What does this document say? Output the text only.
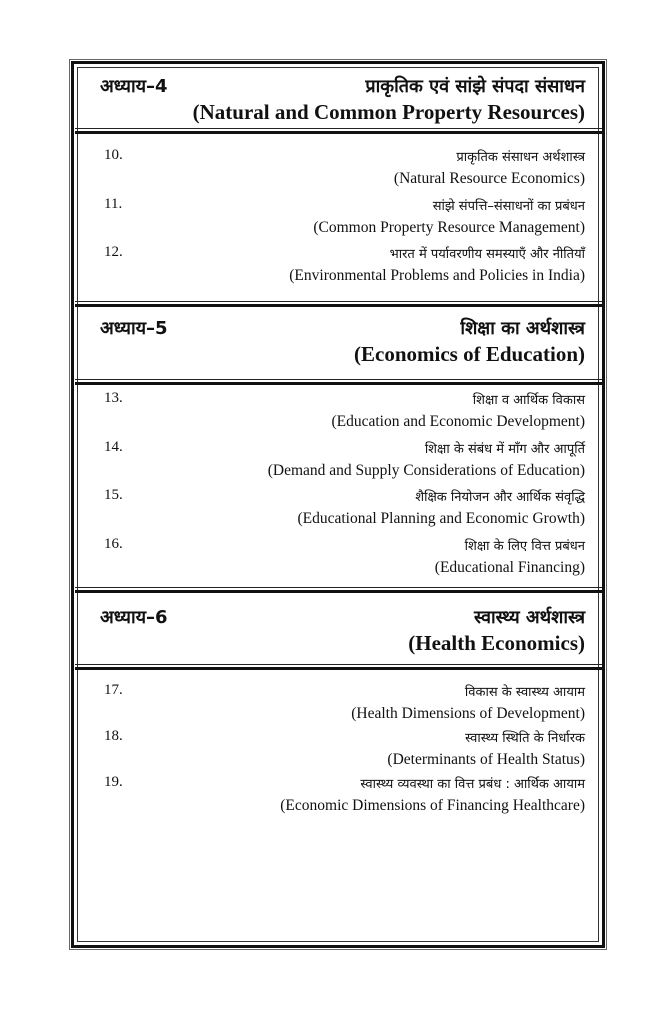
अध्याय–4	प्राकृतिक एवं सांझे संपदा संसाधन
(Natural and Common Property Resources)
10.	प्राकृतिक संसाधन अर्थशास्त्र
(Natural Resource Economics)
11.	सांझे संपत्ति–संसाधनों का प्रबंधन
(Common Property Resource Management)
12.	भारत में पर्यावरणीय समस्याएँ और नीतियाँ
(Environmental Problems and Policies in India)
अध्याय–5	शिक्षा का अर्थशास्त्र
(Economics of Education)
13.	शिक्षा व आर्थिक विकास
(Education and Economic Development)
14.	शिक्षा के संबंध में माँग और आपूर्ति
(Demand and Supply Considerations of Education)
15.	शैक्षिक नियोजन और आर्थिक संवृद्धि
(Educational Planning and Economic Growth)
16.	शिक्षा के लिए वित्त प्रबंधन
(Educational Financing)
अध्याय–6	स्वास्थ्य अर्थशास्त्र
(Health Economics)
17.	विकास के स्वास्थ्य आयाम
(Health Dimensions of Development)
18.	स्वास्थ्य स्थिति के निर्धारक
(Determinants of Health Status)
19.	स्वास्थ्य व्यवस्था का वित्त प्रबंध : आर्थिक आयाम
(Economic Dimensions of Financing Healthcare)
